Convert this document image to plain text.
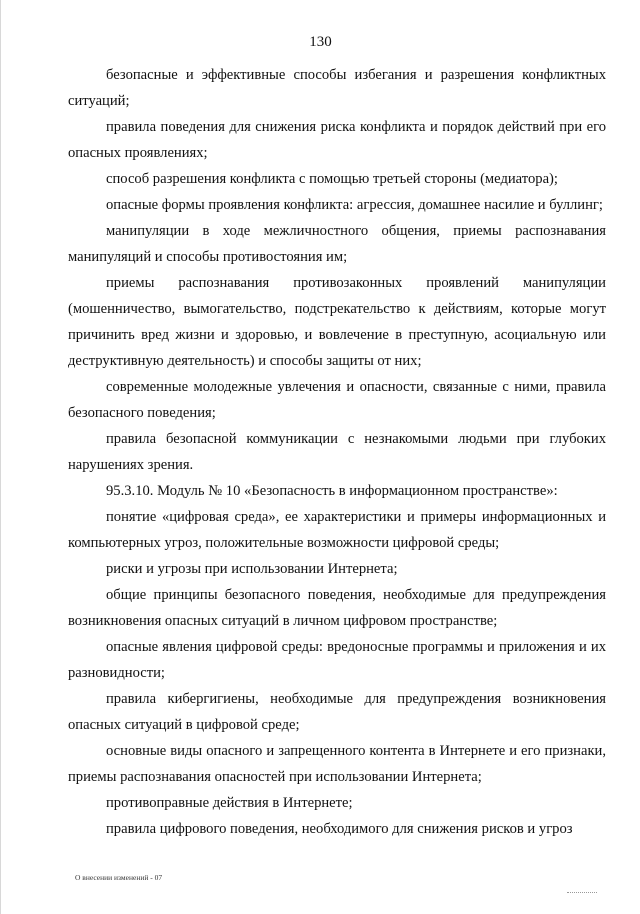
130

безопасные и эффективные способы избегания и разрешения конфликтных ситуаций;

правила поведения для снижения риска конфликта и порядок действий при его опасных проявлениях;

способ разрешения конфликта с помощью третьей стороны (медиатора);

опасные формы проявления конфликта: агрессия, домашнее насилие и буллинг;

манипуляции в ходе межличностного общения, приемы распознавания манипуляций и способы противостояния им;

приемы распознавания противозаконных проявлений манипуляции (мошенничество, вымогательство, подстрекательство к действиям, которые могут причинить вред жизни и здоровью, и вовлечение в преступную, асоциальную или деструктивную деятельность) и способы защиты от них;

современные молодежные увлечения и опасности, связанные с ними, правила безопасного поведения;

правила безопасной коммуникации с незнакомыми людьми при глубоких нарушениях зрения.

95.3.10. Модуль № 10 «Безопасность в информационном пространстве»:

понятие «цифровая среда», ее характеристики и примеры информационных и компьютерных угроз, положительные возможности цифровой среды;

риски и угрозы при использовании Интернета;

общие принципы безопасного поведения, необходимые для предупреждения возникновения опасных ситуаций в личном цифровом пространстве;

опасные явления цифровой среды: вредоносные программы и приложения и их разновидности;

правила кибергигиены, необходимые для предупреждения возникновения опасных ситуаций в цифровой среде;

основные виды опасного и запрещенного контента в Интернете и его признаки, приемы распознавания опасностей при использовании Интернета;

противоправные действия в Интернете;

правила цифрового поведения, необходимого для снижения рисков и угроз

О внесении изменений - 07
